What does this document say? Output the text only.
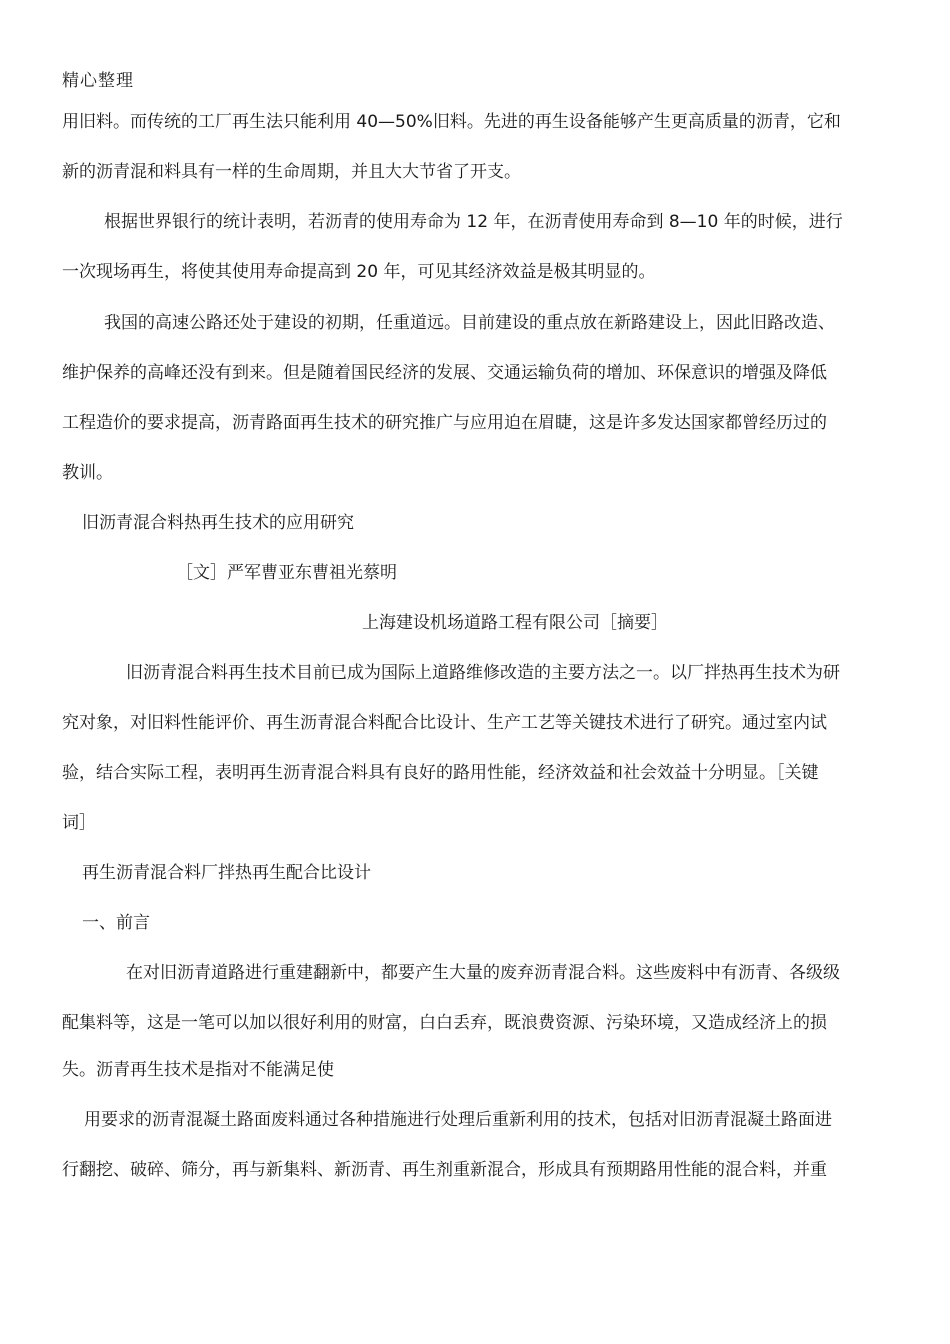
精心整理
用旧料。而传统的工厂再生法只能利用 40—50%旧料。先进的再生设备能够产生更高质量的沥青，它和
新的沥青混和料具有一样的生命周期，并且大大节省了开支。
根据世界银行的统计表明，若沥青的使用寿命为 12 年，在沥青使用寿命到 8—10 年的时候，进行
一次现场再生，将使其使用寿命提高到 20 年，可见其经济效益是极其明显的。
我国的高速公路还处于建设的初期，任重道远。目前建设的重点放在新路建设上，因此旧路改造、
维护保养的高峰还没有到来。但是随着国民经济的发展、交通运输负荷的增加、环保意识的增强及降低
工程造价的要求提高，沥青路面再生技术的研究推广与应用迫在眉睫，这是许多发达国家都曾经历过的
教训。
旧沥青混合料热再生技术的应用研究
［文］严军曹亚东曹祖光蔡明
上海建设机场道路工程有限公司［摘要］
旧沥青混合料再生技术目前已成为国际上道路维修改造的主要方法之一。以厂拌热再生技术为研
究对象，对旧料性能评价、再生沥青混合料配合比设计、生产工艺等关键技术进行了研究。通过室内试
验，结合实际工程，表明再生沥青混合料具有良好的路用性能，经济效益和社会效益十分明显。［关键
词］
再生沥青混合料厂拌热再生配合比设计
一、前言
在对旧沥青道路进行重建翻新中，都要产生大量的废弃沥青混合料。这些废料中有沥青、各级级
配集料等，这是一笔可以加以很好利用的财富，白白丢弃，既浪费资源、污染环境，又造成经济上的损
失。沥青再生技术是指对不能满足使
用要求的沥青混凝土路面废料通过各种措施进行处理后重新利用的技术，包括对旧沥青混凝土路面进
行翻挖、破碎、筛分，再与新集料、新沥青、再生剂重新混合，形成具有预期路用性能的混合料，并重
